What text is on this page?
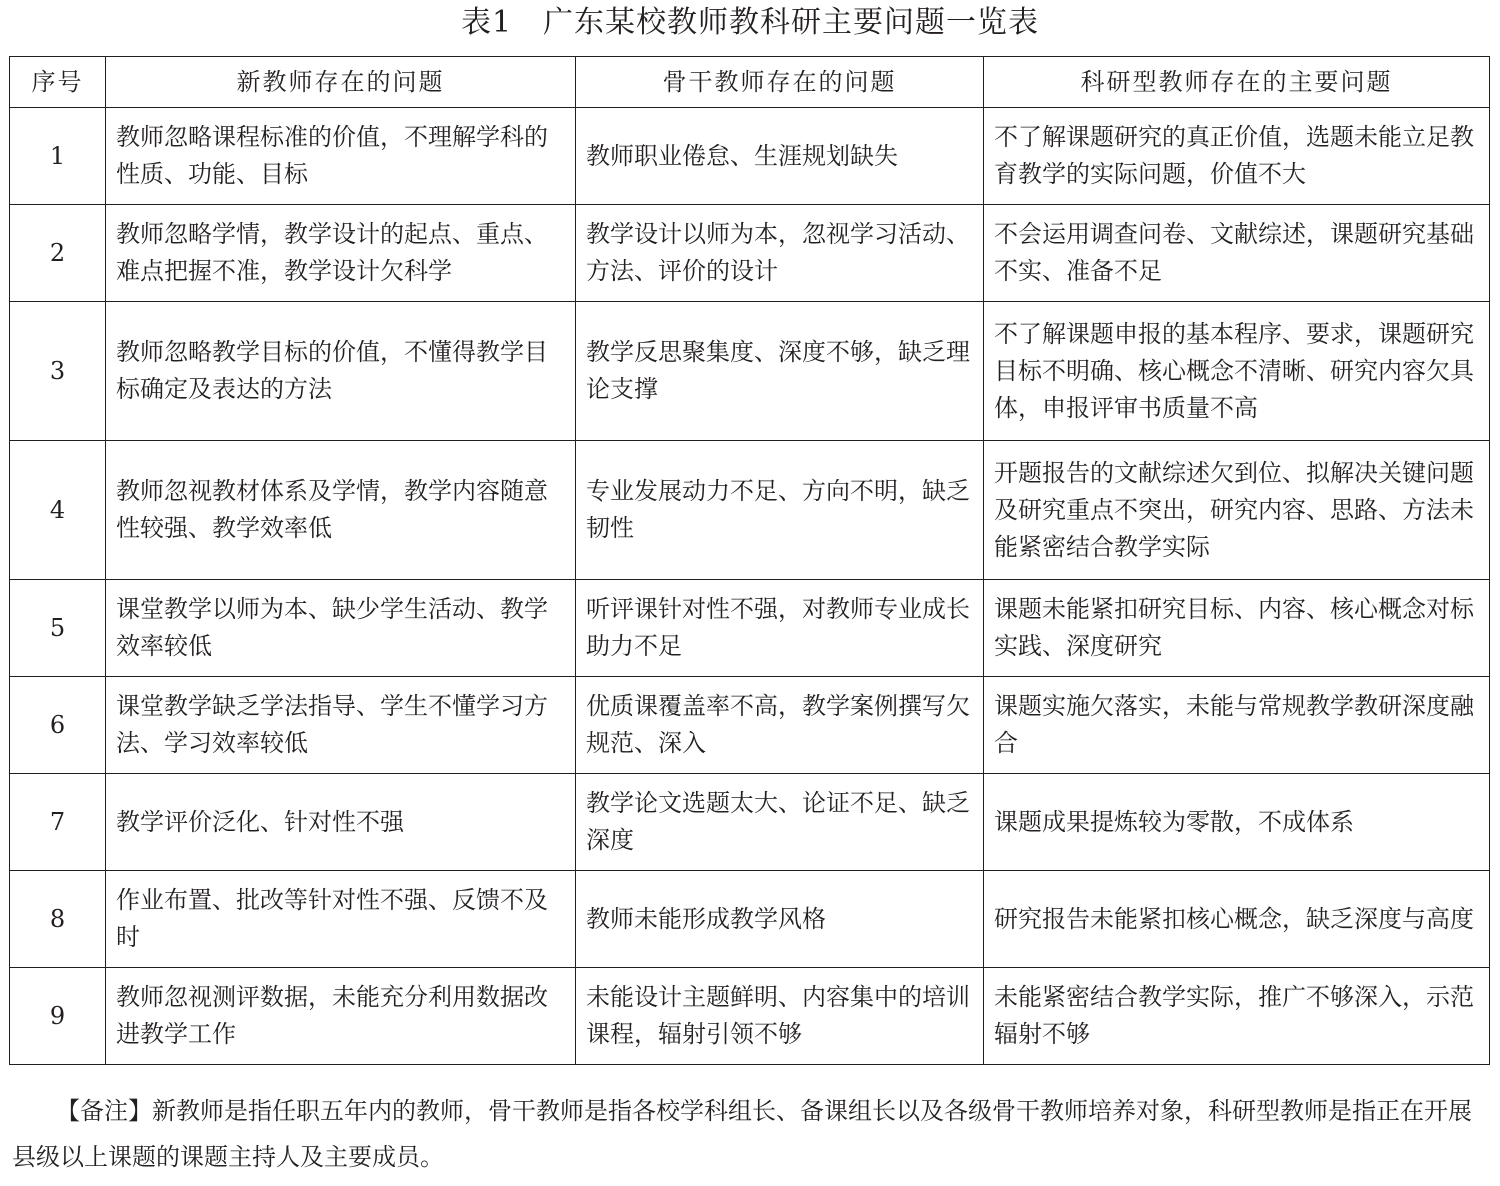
表1　广东某校教师教科研主要问题一览表
序号	新教师存在的问题	骨干教师存在的问题	科研型教师存在的主要问题
1	教师忽略课程标准的价值，不理解学科的性质、功能、目标	教师职业倦怠、生涯规划缺失	不了解课题研究的真正价值，选题未能立足教育教学的实际问题，价值不大
2	教师忽略学情，教学设计的起点、重点、难点把握不准，教学设计欠科学	教学设计以师为本，忽视学习活动、方法、评价的设计	不会运用调查问卷、文献综述，课题研究基础不实、准备不足
3	教师忽略教学目标的价值，不懂得教学目标确定及表达的方法	教学反思聚集度、深度不够，缺乏理论支撑	不了解课题申报的基本程序、要求，课题研究目标不明确、核心概念不清晰、研究内容欠具体，申报评审书质量不高
4	教师忽视教材体系及学情，教学内容随意性较强、教学效率低	专业发展动力不足、方向不明，缺乏韧性	开题报告的文献综述欠到位、拟解决关键问题及研究重点不突出，研究内容、思路、方法未能紧密结合教学实际
5	课堂教学以师为本、缺少学生活动、教学效率较低	听评课针对性不强，对教师专业成长助力不足	课题未能紧扣研究目标、内容、核心概念对标实践、深度研究
6	课堂教学缺乏学法指导、学生不懂学习方法、学习效率较低	优质课覆盖率不高，教学案例撰写欠规范、深入	课题实施欠落实，未能与常规教学教研深度融合
7	教学评价泛化、针对性不强	教学论文选题太大、论证不足、缺乏深度	课题成果提炼较为零散，不成体系
8	作业布置、批改等针对性不强、反馈不及时	教师未能形成教学风格	研究报告未能紧扣核心概念，缺乏深度与高度
9	教师忽视测评数据，未能充分利用数据改进教学工作	未能设计主题鲜明、内容集中的培训课程，辐射引领不够	未能紧密结合教学实际，推广不够深入，示范辐射不够
【备注】新教师是指任职五年内的教师，骨干教师是指各校学科组长、备课组长以及各级骨干教师培养对象，科研型教师是指正在开展县级以上课题的课题主持人及主要成员。
